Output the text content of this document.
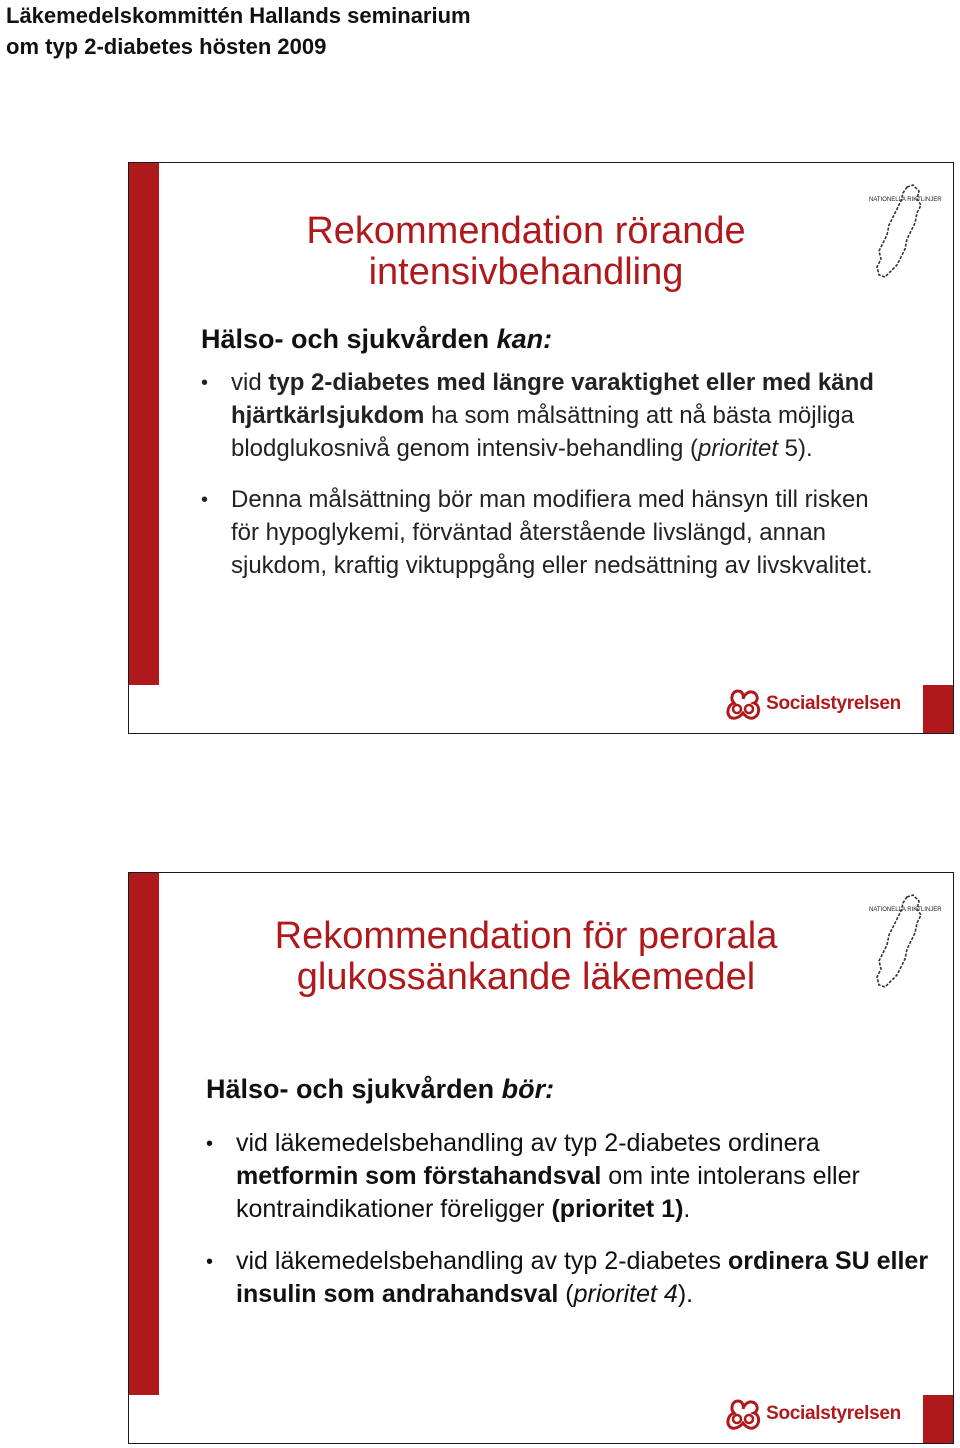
Läkemedelskommittén Hallands seminarium
om typ 2-diabetes hösten 2009
NATIONELLA RIKTLINJER
Rekommendation rörande
intensivbehandling
Hälso- och sjukvården kan:
• vid typ 2-diabetes med längre varaktighet eller med känd hjärtkärlsjukdom ha som målsättning att nå bästa möjliga blodglukosnivå genom intensiv-behandling (prioritet 5).
• Denna målsättning bör man modifiera med hänsyn till risken för hypoglykemi, förväntad återstående livslängd, annan sjukdom, kraftig viktuppgång eller nedsättning av livskvalitet.
Socialstyrelsen
NATIONELLA RIKTLINJER
Rekommendation för perorala
glukossänkande läkemedel
Hälso- och sjukvården bör:
• vid läkemedelsbehandling av typ 2-diabetes ordinera metformin som förstahandsval om inte intolerans eller kontraindikationer föreligger (prioritet 1).
• vid läkemedelsbehandling av typ 2-diabetes ordinera SU eller insulin som andrahandsval (prioritet 4).
Socialstyrelsen
